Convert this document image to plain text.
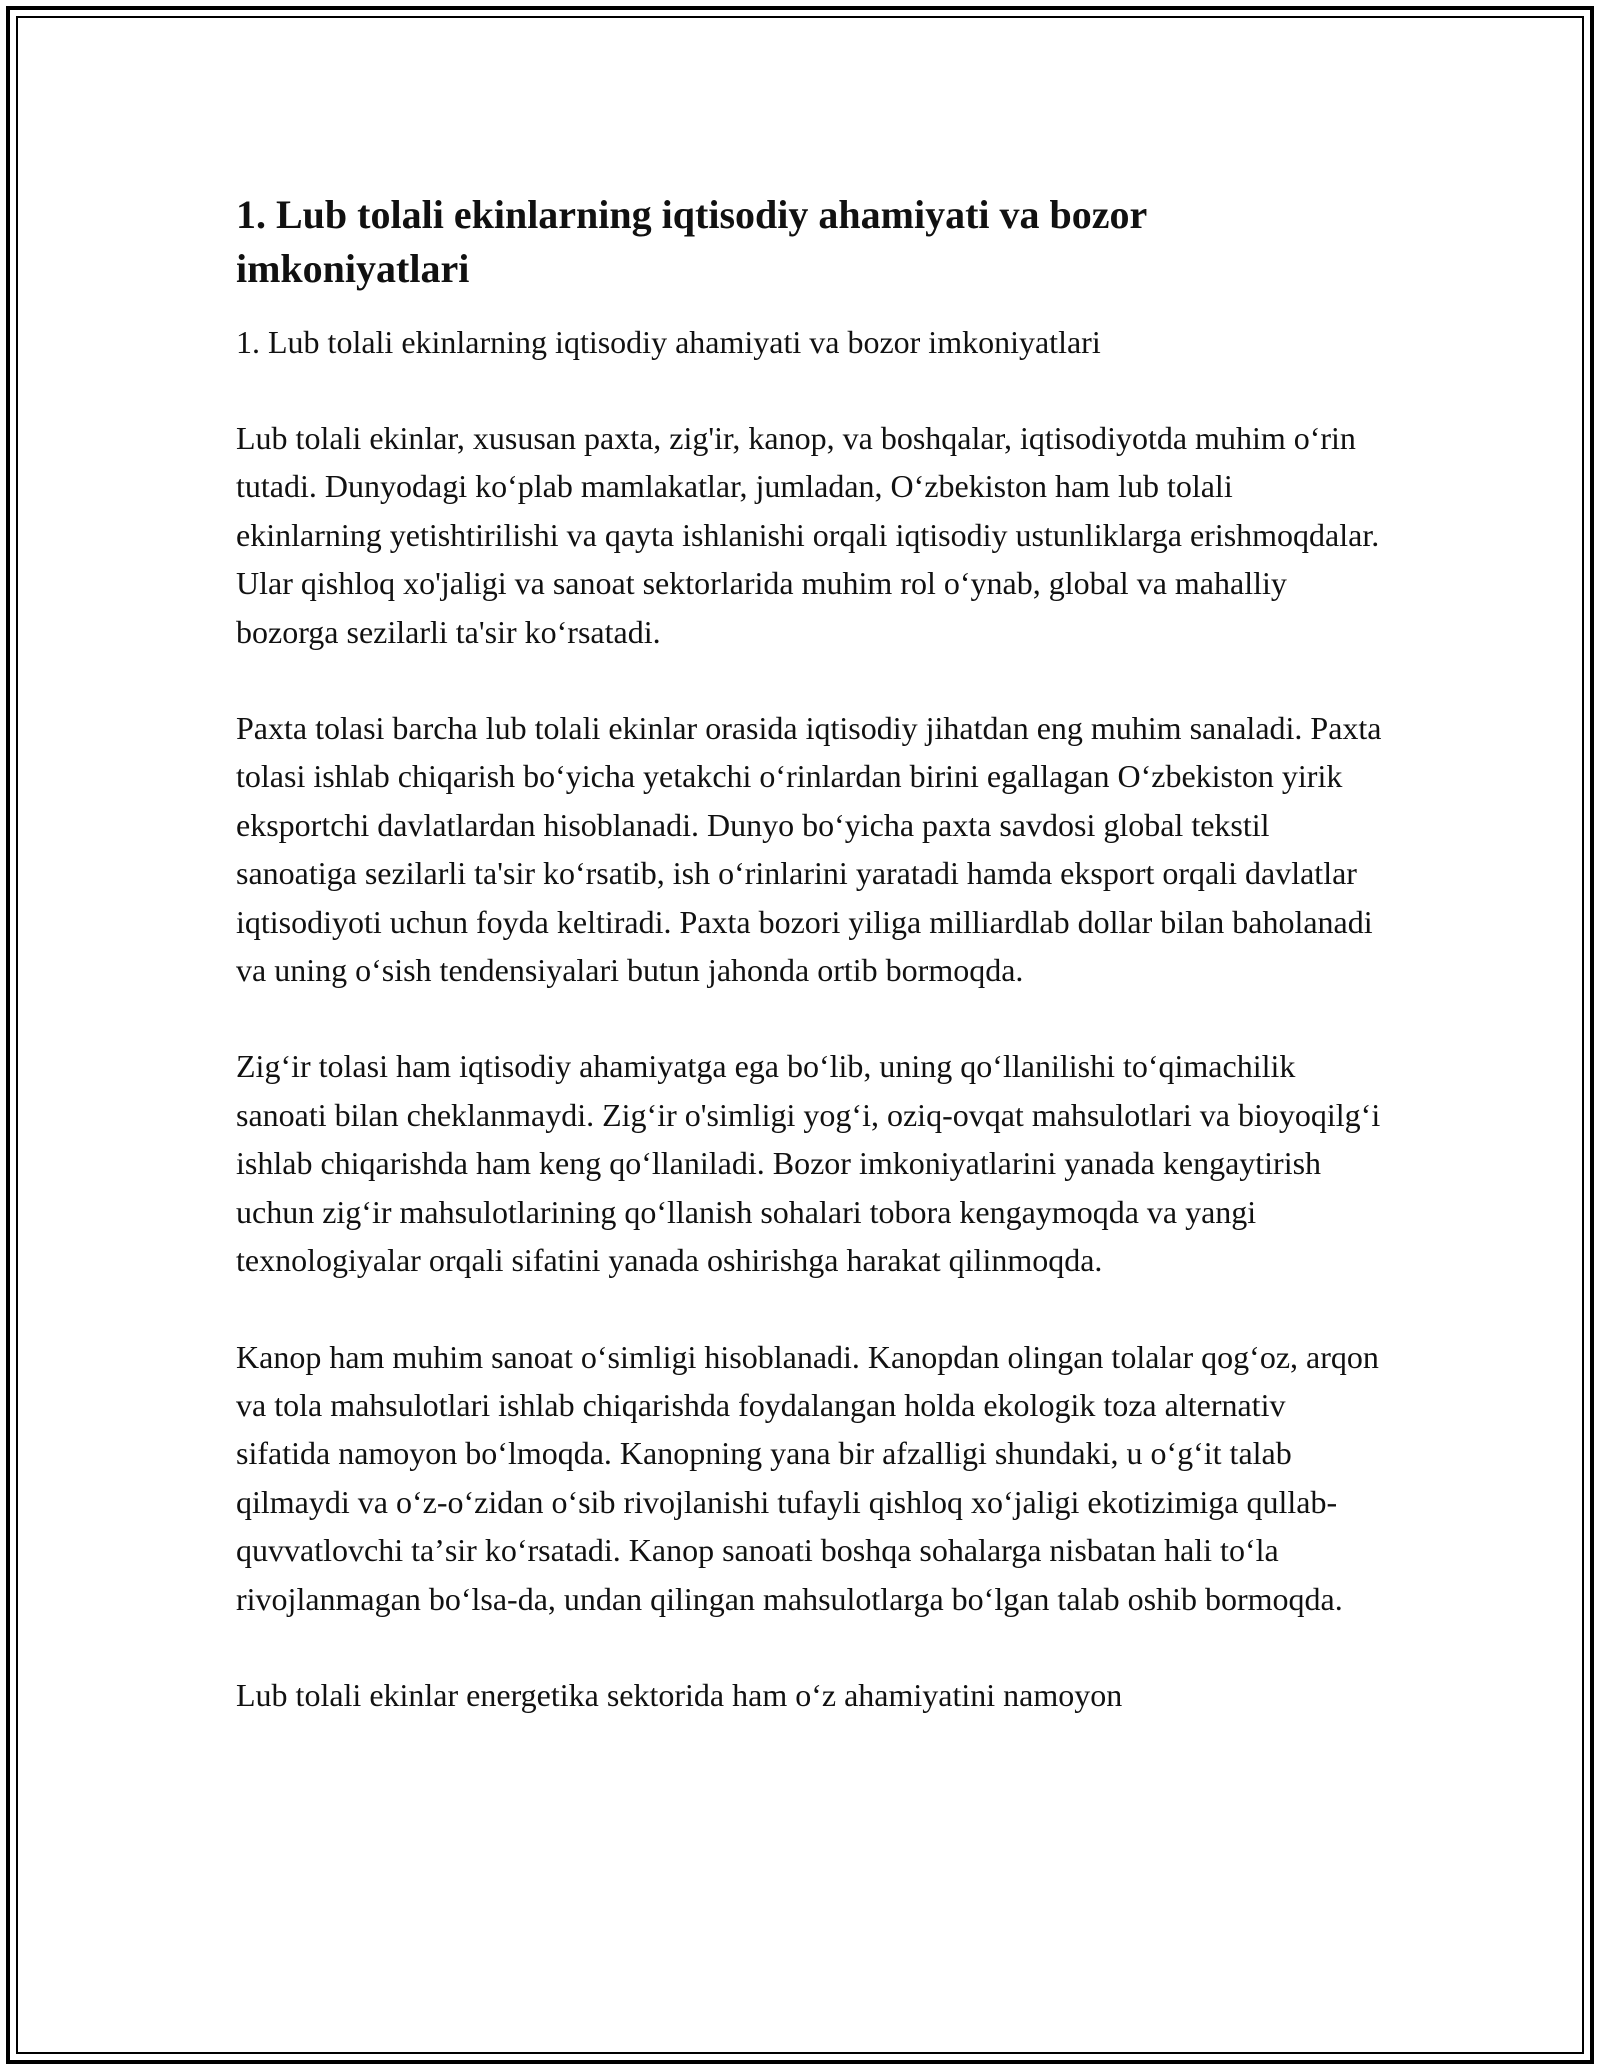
1. Lub tolali ekinlarning iqtisodiy ahamiyati va bozor imkoniyatlari

1. Lub tolali ekinlarning iqtisodiy ahamiyati va bozor imkoniyatlari

Lub tolali ekinlar, xususan paxta, zig'ir, kanop, va boshqalar, iqtisodiyotda muhim oʻrin tutadi. Dunyodagi koʻplab mamlakatlar, jumladan, Oʻzbekiston ham lub tolali ekinlarning yetishtirilishi va qayta ishlanishi orqali iqtisodiy ustunliklarga erishmoqdalar. Ular qishloq xo'jaligi va sanoat sektorlarida muhim rol oʻynab, global va mahalliy bozorga sezilarli ta'sir koʻrsatadi.

Paxta tolasi barcha lub tolali ekinlar orasida iqtisodiy jihatdan eng muhim sanaladi. Paxta tolasi ishlab chiqarish boʻyicha yetakchi oʻrinlardan birini egallagan Oʻzbekiston yirik eksportchi davlatlardan hisoblanadi. Dunyo boʻyicha paxta savdosi global tekstil sanoatiga sezilarli ta'sir koʻrsatib, ish oʻrinlarini yaratadi hamda eksport orqali davlatlar iqtisodiyoti uchun foyda keltiradi. Paxta bozori yiliga milliardlab dollar bilan baholanadi va uning oʻsish tendensiyalari butun jahonda ortib bormoqda.

Zigʻir tolasi ham iqtisodiy ahamiyatga ega boʻlib, uning qoʻllanilishi toʻqimachilik sanoati bilan cheklanmaydi. Zigʻir o'simligi yogʻi, oziq-ovqat mahsulotlari va bioyoqilgʻi ishlab chiqarishda ham keng qoʻllaniladi. Bozor imkoniyatlarini yanada kengaytirish uchun zigʻir mahsulotlarining qoʻllanish sohalari tobora kengaymoqda va yangi texnologiyalar orqali sifatini yanada oshirishga harakat qilinmoqda.

Kanop ham muhim sanoat oʻsimligi hisoblanadi. Kanopdan olingan tolalar qogʻoz, arqon va tola mahsulotlari ishlab chiqarishda foydalangan holda ekologik toza alternativ sifatida namoyon boʻlmoqda. Kanopning yana bir afzalligi shundaki, u oʻgʻit talab qilmaydi va oʻz-oʻzidan oʻsib rivojlanishi tufayli qishloq xoʻjaligi ekotizimiga qullab-quvvatlovchi taʼsir koʻrsatadi. Kanop sanoati boshqa sohalarga nisbatan hali toʻla rivojlanmagan boʻlsa-da, undan qilingan mahsulotlarga boʻlgan talab oshib bormoqda.

Lub tolali ekinlar energetika sektorida ham oʻz ahamiyatini namoyon
